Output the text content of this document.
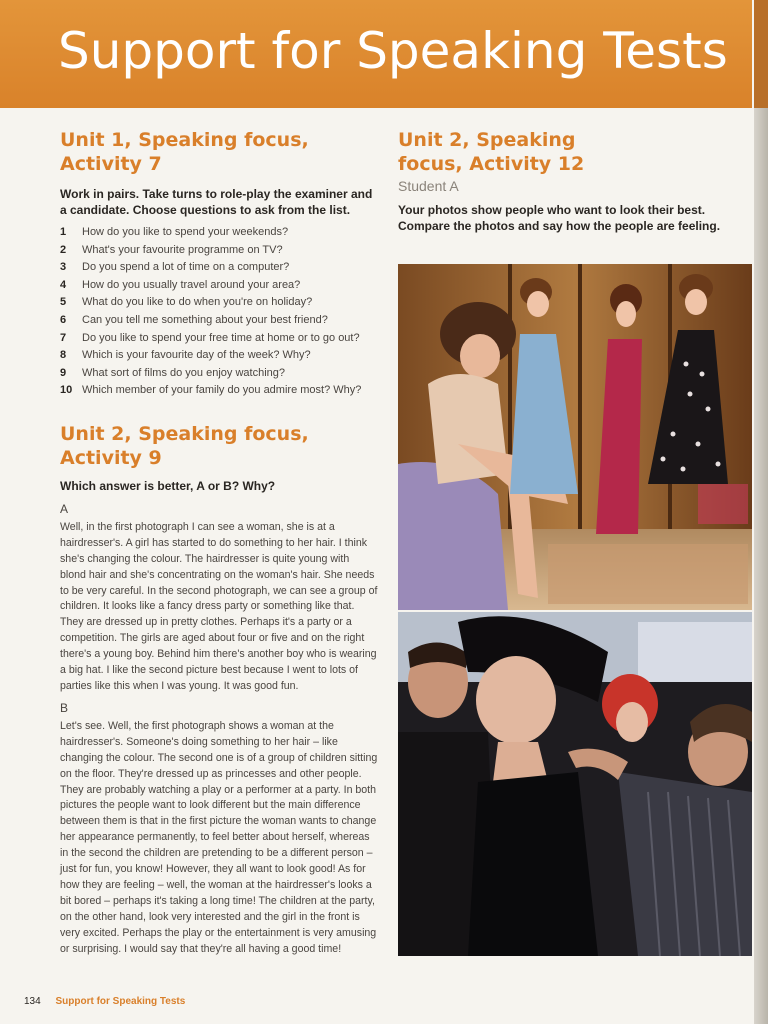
Support for Speaking Tests
Unit 1, Speaking focus, Activity 7

Work in pairs. Take turns to role-play the examiner and a candidate. Choose questions to ask from the list.

1	How do you like to spend your weekends?
2	What's your favourite programme on TV?
3	Do you spend a lot of time on a computer?
4	How do you usually travel around your area?
5	What do you like to do when you're on holiday?
6	Can you tell me something about your best friend?
7	Do you like to spend your free time at home or to go out?
8	Which is your favourite day of the week? Why?
9	What sort of films do you enjoy watching?
10 Which member of your family do you admire most? Why?
Unit 2, Speaking focus, Activity 9

Which answer is better, A or B? Why?

A

Well, in the first photograph I can see a woman, she is at a hairdresser's. A girl has started to do something to her hair. I think she's changing the colour. The hairdresser is quite young with blond hair and she's concentrating on the woman's hair. She needs to be very careful. In the second photograph, we can see a group of children. It looks like a fancy dress party or something like that. They are dressed up in pretty clothes. Perhaps it's a party or a competition. The girls are aged about four or five and on the right there's a young boy. Behind him there's another boy who is wearing a big hat. I like the second picture best because I went to lots of parties like this when I was young. It was good fun.

B

Let's see. Well, the first photograph shows a woman at the hairdresser's. Someone's doing something to her hair – like changing the colour. The second one is of a group of children sitting on the floor. They're dressed up as princesses and other people. They are probably watching a play or a performer at a party. In both pictures the people want to look different but the main difference between them is that in the first picture the woman wants to change her appearance permanently, to feel better about herself, whereas in the second the children are pretending to be a different person – just for fun, you know! However, they all want to look good! As for how they are feeling – well, the woman at the hairdresser's looks a bit bored – perhaps it's taking a long time! The children at the party, on the other hand, look very interested and the girl in the front is very excited. Perhaps the play or the entertainment is very amusing or surprising. I would say that they're all having a good time!

Unit 2, Speaking focus, Activity 12

Student A

Your photos show people who want to look their best. Compare the photos and say how the people are feeling.

134 Support for Speaking Tests
